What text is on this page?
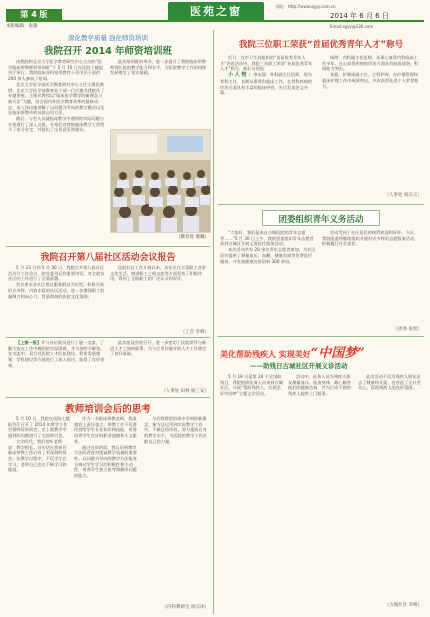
第 4 版
本版编辑：张瑜
医苑之窗	网址：http://www.sgyy.com.cn
2014 年 6 月 6 日
Email:sgyy@126.com
深化教学质量 强化师资培训
我院召开 2014 年师资培训班

由我院和北京大学医学教育研究中心主办的“医学临床带教师资培训班”于 5 月 10 日在医院七楼报告厅举行，我院临床各科室带教骨干及中层干部约 200 余人参加了培训。

北京大学医学部医学教育研究中心主任王维民教授、北京大学医学部教育处干部一行应邀为我院作了专题讲座。王维民教授以“临床医学教学的新理念与新方法”为题，结合国内外医学教育改革的最新动态，深入浅出地讲解了以问题为导向的教学模式以及在临床带教中的具体运用方法。

随后，与会人员就临床教学中遇到的实际问题与专家进行了深入交流。专家们对我院临床教学工作给予了充分肯定，并提出了宝贵意见和建议。

此次培训班的举办，进一步提升了我院临床带教师资队伍的教学能力和水平，为医院教学工作的持续发展奠定了坚实基础。

（教育处 梁娜）
我院召开第八届社区活动会议报告

5 月 23 日到 5 月 30 日，我院召开第八届社区活动月工作会议，院党委书记作重要讲话，对全院各社区的工作进行了全面部署。

会议要求各社区要以服务群众为宗旨，积极开展形式多样、内容丰富的社区活动，进一步增强职工的凝聚力和向心力，营造和谐的医院文化氛围。

医院社区工作开展以来，各社区在丰富职工业余文化生活、增进职工之间交流等方面发挥了积极作用，得到了全院职工的广泛认可和好评。

（工会 李峰）

【上接一版】并与各位班员进行了逐一交流，了解大家在工作中遇到的实际困难，并当场给予解答。在交流中，双方对医院人才队伍建设、科室发展规划、学科建设等方面进行了深入探讨，取得了良好效果。

此次座谈会的召开，进一步密切了医院领导与新进人才之间的联系，为今后更好地开展人才工作奠定了良好基础。

（人事处 田林 杨三安）
教师培训会后的思考

5 月 10 日，我院在医院七楼报告厅召开了 2014 年教学工作会暨师资培训会，会上就教学中遇到的问题进行了交流和讨论。

大学时代，我们常听老师说：教学相长。这句话在我担任临床带教工作后有了更深刻的体会。在教学过程中，不仅学生在学习，老师自己也在不断学习和提高。

作为一名临床带教老师，我深感肩上责任重大。带教工作不仅要传授给学生专业知识和技能，更要培养学生良好的职业道德和人文素养。

通过这次培训，我认识到教学方法的改进对提高教学质量的重要性。以问题为导向的教学方法能充分调动学生学习的积极性和主动性，培养学生独立思考和解决问题的能力。

今后我将把培训中学到的新理念、新方法运用到实际教学工作中，不断总结经验，努力提高自身的教学水平，为医院的教学工作贡献自己的力量。

（内科教研室 杨宗冰）
我院三位职工荣获“首届优秀青年人才”称号

近日，在市卫生局组织的“首届优秀青年人才”评选活动中，我院三名职工荣获“首届优秀青年人才”称号，他们分别是：

小 人 物 ：李永强：外科副主任医师，现为骨科主任，长期从事骨科临床工作，在骨科疾病的诊治方面具有丰富的临床经验，先后发表论文多篇。

杨明：内科副主任医师，从事心血管内科临床工作多年，在心血管疾病的诊治方面具有较深造诣，科研能力突出。

张燕：护理部副主任，主管护师，在护理管理和临床护理工作中成绩突出，多次获得先进个人荣誉称号。

（人事处 杨宗义）
团委组织青年义务活动

“大家好，我们是来自古城医院的青年志愿者……”5 月 30 日上午，我院团委组织青年志愿者来到古城区开展义务医疗服务活动。

本次活动共有 20 余名青年志愿者参加，为社区居民提供了测量血压、血糖、健康咨询等免费医疗服务，并发放健康宣传资料 300 余份。

活动受到了社区居民的热烈欢迎和好评。今后，我院团委将继续组织开展形式多样的志愿服务活动，积极履行社会责任。

（团委 张旭）
美化帮助残疾人 实现美好“中国梦”
——助残日古城社区开展义诊活动

5 月 18 日是第 24 个全国助残日，我院组织医务人员来到古城社区，开展“帮助残疾人，实现美好中国梦”主题义诊活动。

活动中，医务人员为残疾人朋友测量血压、检查身体，耐心解答他们的健康咨询，并为行动不便的残疾人提供上门服务。

此次活动不仅为残疾人朋友送去了健康和关爱，也营造了全社会关心、帮助残疾人的良好氛围。

（古城社区 李峰）
